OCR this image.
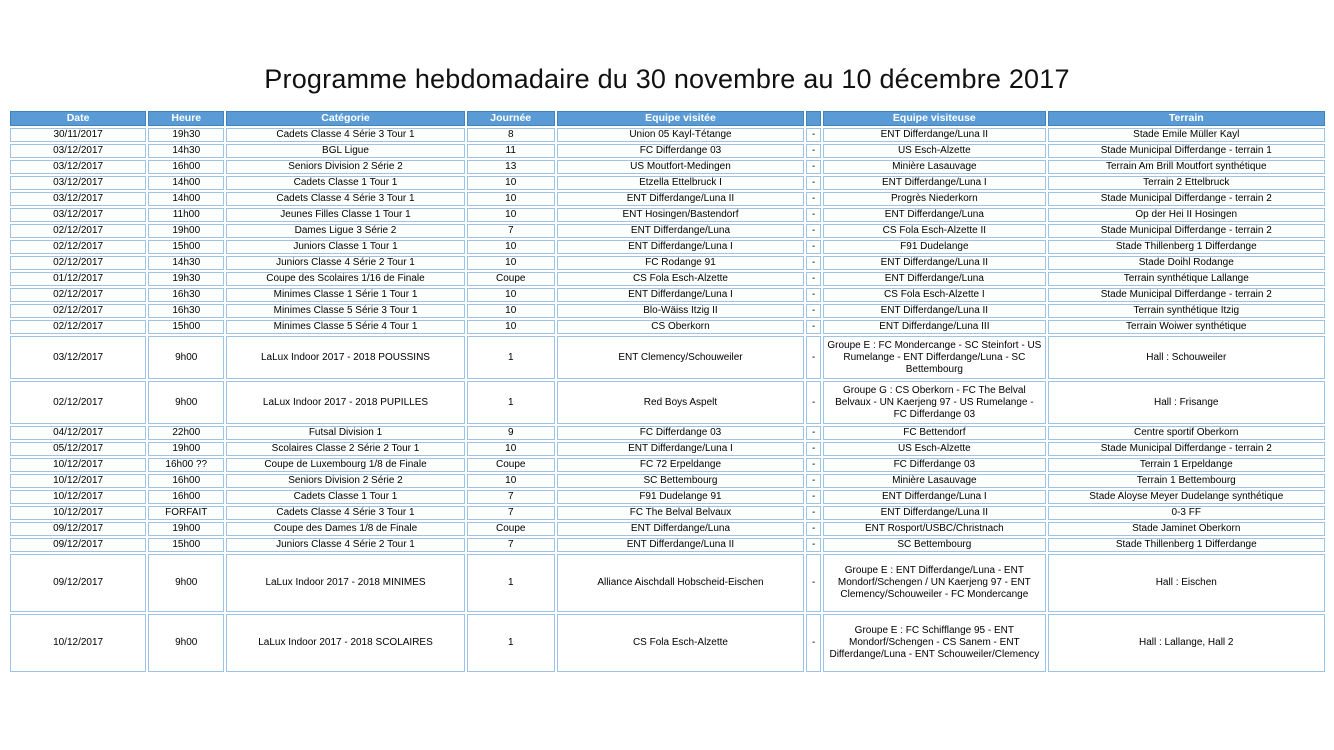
Programme hebdomadaire du 30 novembre au 10 décembre 2017
Date	Heure	Catégorie	Journée	Equipe visitée		Equipe visiteuse	Terrain
30/11/2017	19h30	Cadets Classe 4 Série 3 Tour 1	8	Union 05 Kayl-Tétange	-	ENT Differdange/Luna II	Stade Emile Müller Kayl
03/12/2017	14h30	BGL Ligue	11	FC Differdange 03	-	US Esch-Alzette	Stade Municipal Differdange - terrain 1
03/12/2017	16h00	Seniors Division 2 Série 2	13	US Moutfort-Medingen	-	Minière Lasauvage	Terrain Am Brill Moutfort synthétique
03/12/2017	14h00	Cadets Classe 1 Tour 1	10	Etzella Ettelbruck I	-	ENT Differdange/Luna I	Terrain 2 Ettelbruck
03/12/2017	14h00	Cadets Classe 4 Série 3 Tour 1	10	ENT Differdange/Luna II	-	Progrès Niederkorn	Stade Municipal Differdange - terrain 2
03/12/2017	11h00	Jeunes Filles Classe 1 Tour 1	10	ENT Hosingen/Bastendorf	-	ENT Differdange/Luna	Op der Hei II Hosingen
02/12/2017	19h00	Dames Ligue 3 Série 2	7	ENT Differdange/Luna	-	CS Fola Esch-Alzette II	Stade Municipal Differdange - terrain 2
02/12/2017	15h00	Juniors Classe 1 Tour 1	10	ENT Differdange/Luna I	-	F91 Dudelange	Stade Thillenberg 1 Differdange
02/12/2017	14h30	Juniors Classe 4 Série 2 Tour 1	10	FC Rodange 91	-	ENT Differdange/Luna II	Stade Doihl Rodange
01/12/2017	19h30	Coupe des Scolaires 1/16 de Finale	Coupe	CS Fola Esch-Alzette	-	ENT Differdange/Luna	Terrain synthétique Lallange
02/12/2017	16h30	Minimes Classe 1 Série 1 Tour 1	10	ENT Differdange/Luna I	-	CS Fola Esch-Alzette I	Stade Municipal Differdange - terrain 2
02/12/2017	16h30	Minimes Classe 5 Série 3 Tour 1	10	Blo-Wäiss Itzig II	-	ENT Differdange/Luna II	Terrain synthétique Itzig
02/12/2017	15h00	Minimes Classe 5 Série 4 Tour 1	10	CS Oberkorn	-	ENT Differdange/Luna III	Terrain Woiwer synthétique
03/12/2017	9h00	LaLux Indoor 2017 - 2018 POUSSINS	1	ENT Clemency/Schouweiler	-	Groupe E : FC Mondercange - SC Steinfort - US Rumelange - ENT Differdange/Luna - SC Bettembourg	Hall : Schouweiler
02/12/2017	9h00	LaLux Indoor 2017 - 2018 PUPILLES	1	Red Boys Aspelt	-	Groupe G : CS Oberkorn - FC The Belval Belvaux - UN Kaerjeng 97 - US Rumelange - FC Differdange 03	Hall : Frisange
04/12/2017	22h00	Futsal Division 1	9	FC Differdange 03	-	FC Bettendorf	Centre sportif Oberkorn
05/12/2017	19h00	Scolaires Classe 2 Série 2 Tour 1	10	ENT Differdange/Luna I	-	US Esch-Alzette	Stade Municipal Differdange - terrain 2
10/12/2017	16h00 ??	Coupe de Luxembourg 1/8 de Finale	Coupe	FC 72 Erpeldange	-	FC Differdange 03	Terrain 1 Erpeldange
10/12/2017	16h00	Seniors Division 2 Série 2	10	SC Bettembourg	-	Minière Lasauvage	Terrain 1 Bettembourg
10/12/2017	16h00	Cadets Classe 1 Tour 1	7	F91 Dudelange 91	-	ENT Differdange/Luna I	Stade Aloyse Meyer Dudelange synthétique
10/12/2017	FORFAIT	Cadets Classe 4 Série 3 Tour 1	7	FC The Belval Belvaux	-	ENT Differdange/Luna II	0-3 FF
09/12/2017	19h00	Coupe des Dames 1/8 de Finale	Coupe	ENT Differdange/Luna	-	ENT Rosport/USBC/Christnach	Stade Jaminet Oberkorn
09/12/2017	15h00	Juniors Classe 4 Série 2 Tour 1	7	ENT Differdange/Luna II	-	SC Bettembourg	Stade Thillenberg 1 Differdange
09/12/2017	9h00	LaLux Indoor 2017 - 2018 MINIMES	1	Alliance Aischdall Hobscheid-Eischen	-	Groupe E : ENT Differdange/Luna - ENT Mondorf/Schengen / UN Kaerjeng 97 - ENT Clemency/Schouweiler - FC Mondercange	Hall : Eischen
10/12/2017	9h00	LaLux Indoor 2017 - 2018 SCOLAIRES	1	CS Fola Esch-Alzette	-	Groupe E : FC Schifflange 95 - ENT Mondorf/Schengen - CS Sanem - ENT Differdange/Luna - ENT Schouweiler/Clemency	Hall : Lallange, Hall 2
